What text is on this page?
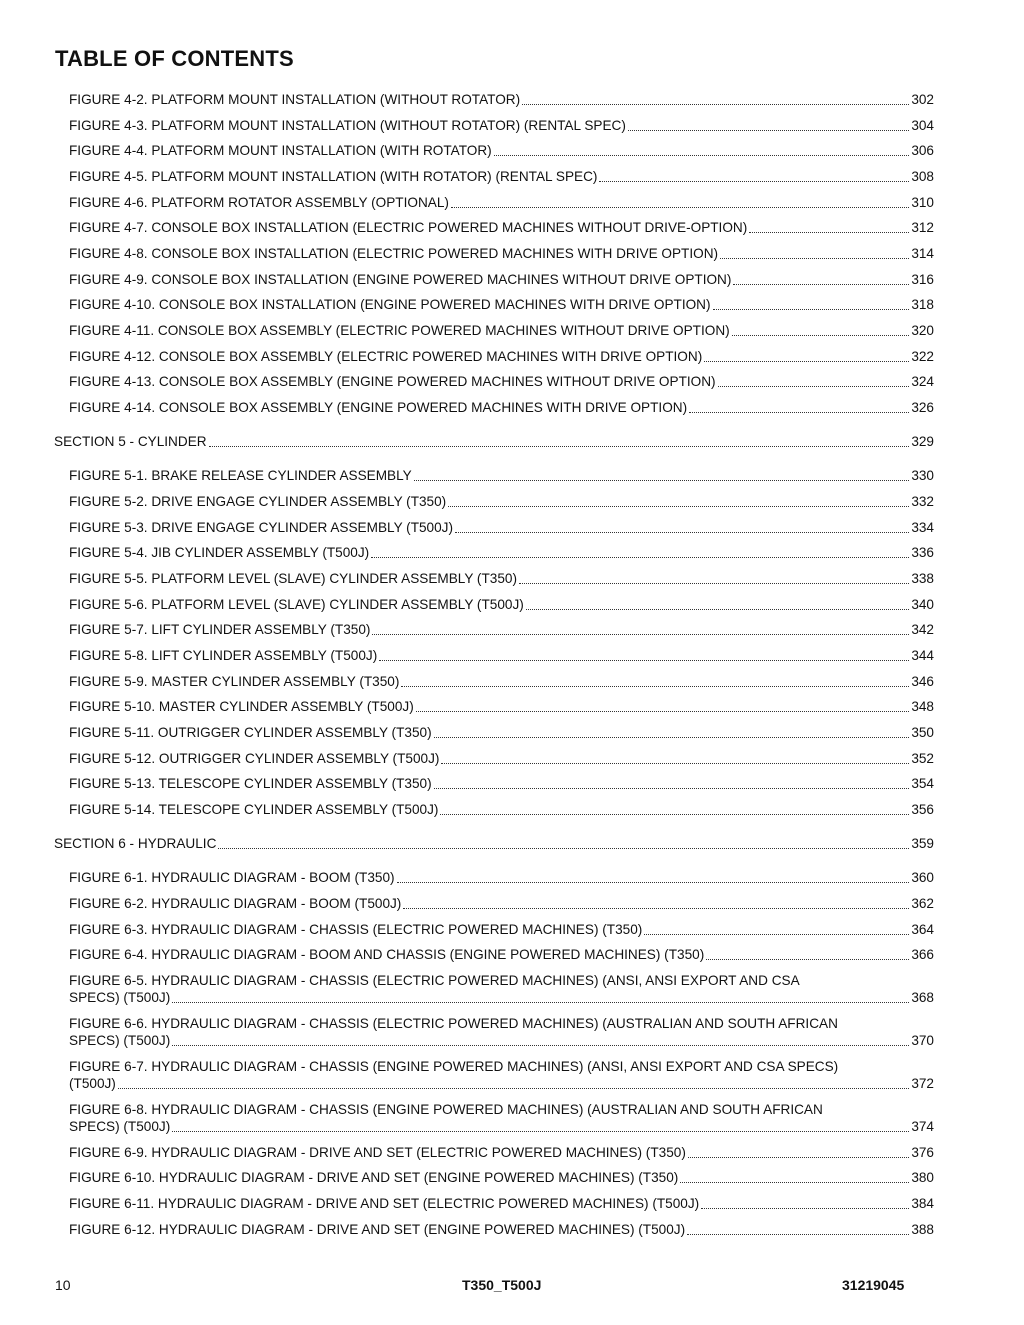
TABLE OF CONTENTS
FIGURE 4-2. PLATFORM MOUNT INSTALLATION (WITHOUT ROTATOR)	302
FIGURE 4-3. PLATFORM MOUNT INSTALLATION (WITHOUT ROTATOR) (RENTAL SPEC)	304
FIGURE 4-4. PLATFORM MOUNT INSTALLATION (WITH ROTATOR)	306
FIGURE 4-5. PLATFORM MOUNT INSTALLATION (WITH ROTATOR) (RENTAL SPEC)	308
FIGURE 4-6. PLATFORM ROTATOR ASSEMBLY (OPTIONAL)	310
FIGURE 4-7. CONSOLE BOX INSTALLATION (ELECTRIC POWERED MACHINES WITHOUT DRIVE-OPTION)	312
FIGURE 4-8. CONSOLE BOX INSTALLATION (ELECTRIC POWERED MACHINES WITH DRIVE OPTION)	314
FIGURE 4-9. CONSOLE BOX INSTALLATION (ENGINE POWERED MACHINES WITHOUT DRIVE OPTION)	316
FIGURE 4-10. CONSOLE BOX INSTALLATION (ENGINE POWERED MACHINES WITH DRIVE OPTION)	318
FIGURE 4-11. CONSOLE BOX ASSEMBLY (ELECTRIC POWERED MACHINES WITHOUT DRIVE OPTION)	320
FIGURE 4-12. CONSOLE BOX ASSEMBLY (ELECTRIC POWERED MACHINES WITH DRIVE OPTION)	322
FIGURE 4-13. CONSOLE BOX ASSEMBLY (ENGINE POWERED MACHINES WITHOUT DRIVE OPTION)	324
FIGURE 4-14. CONSOLE BOX ASSEMBLY (ENGINE POWERED MACHINES WITH DRIVE OPTION)	326
SECTION 5 - CYLINDER	329
FIGURE 5-1. BRAKE RELEASE CYLINDER ASSEMBLY	330
FIGURE 5-2. DRIVE ENGAGE CYLINDER ASSEMBLY (T350)	332
FIGURE 5-3. DRIVE ENGAGE CYLINDER ASSEMBLY (T500J)	334
FIGURE 5-4. JIB CYLINDER ASSEMBLY (T500J)	336
FIGURE 5-5. PLATFORM LEVEL (SLAVE) CYLINDER ASSEMBLY (T350)	338
FIGURE 5-6. PLATFORM LEVEL (SLAVE) CYLINDER ASSEMBLY (T500J)	340
FIGURE 5-7. LIFT CYLINDER ASSEMBLY (T350)	342
FIGURE 5-8. LIFT CYLINDER ASSEMBLY (T500J)	344
FIGURE 5-9. MASTER CYLINDER ASSEMBLY (T350)	346
FIGURE 5-10. MASTER CYLINDER ASSEMBLY (T500J)	348
FIGURE 5-11. OUTRIGGER CYLINDER ASSEMBLY (T350)	350
FIGURE 5-12. OUTRIGGER CYLINDER ASSEMBLY (T500J)	352
FIGURE 5-13. TELESCOPE CYLINDER ASSEMBLY (T350)	354
FIGURE 5-14. TELESCOPE CYLINDER ASSEMBLY (T500J)	356
SECTION 6 - HYDRAULIC	359
FIGURE 6-1. HYDRAULIC DIAGRAM - BOOM (T350)	360
FIGURE 6-2. HYDRAULIC DIAGRAM - BOOM (T500J)	362
FIGURE 6-3. HYDRAULIC DIAGRAM - CHASSIS (ELECTRIC POWERED MACHINES) (T350)	364
FIGURE 6-4. HYDRAULIC DIAGRAM - BOOM AND CHASSIS (ENGINE POWERED MACHINES) (T350)	366
FIGURE 6-5. HYDRAULIC DIAGRAM - CHASSIS (ELECTRIC POWERED MACHINES) (ANSI, ANSI EXPORT AND CSA
SPECS) (T500J)	368
FIGURE 6-6. HYDRAULIC DIAGRAM - CHASSIS (ELECTRIC POWERED MACHINES) (AUSTRALIAN AND SOUTH AFRICAN
SPECS) (T500J)	370
FIGURE 6-7. HYDRAULIC DIAGRAM - CHASSIS (ENGINE POWERED MACHINES) (ANSI, ANSI EXPORT AND CSA SPECS)
(T500J)	372
FIGURE 6-8. HYDRAULIC DIAGRAM - CHASSIS (ENGINE POWERED MACHINES) (AUSTRALIAN AND SOUTH AFRICAN
SPECS) (T500J)	374
FIGURE 6-9. HYDRAULIC DIAGRAM - DRIVE AND SET (ELECTRIC POWERED MACHINES) (T350)	376
FIGURE 6-10. HYDRAULIC DIAGRAM - DRIVE AND SET (ENGINE POWERED MACHINES) (T350)	380
FIGURE 6-11. HYDRAULIC DIAGRAM - DRIVE AND SET (ELECTRIC POWERED MACHINES) (T500J)	384
FIGURE 6-12. HYDRAULIC DIAGRAM - DRIVE AND SET (ENGINE POWERED MACHINES) (T500J)	388
10	T350_T500J	31219045
